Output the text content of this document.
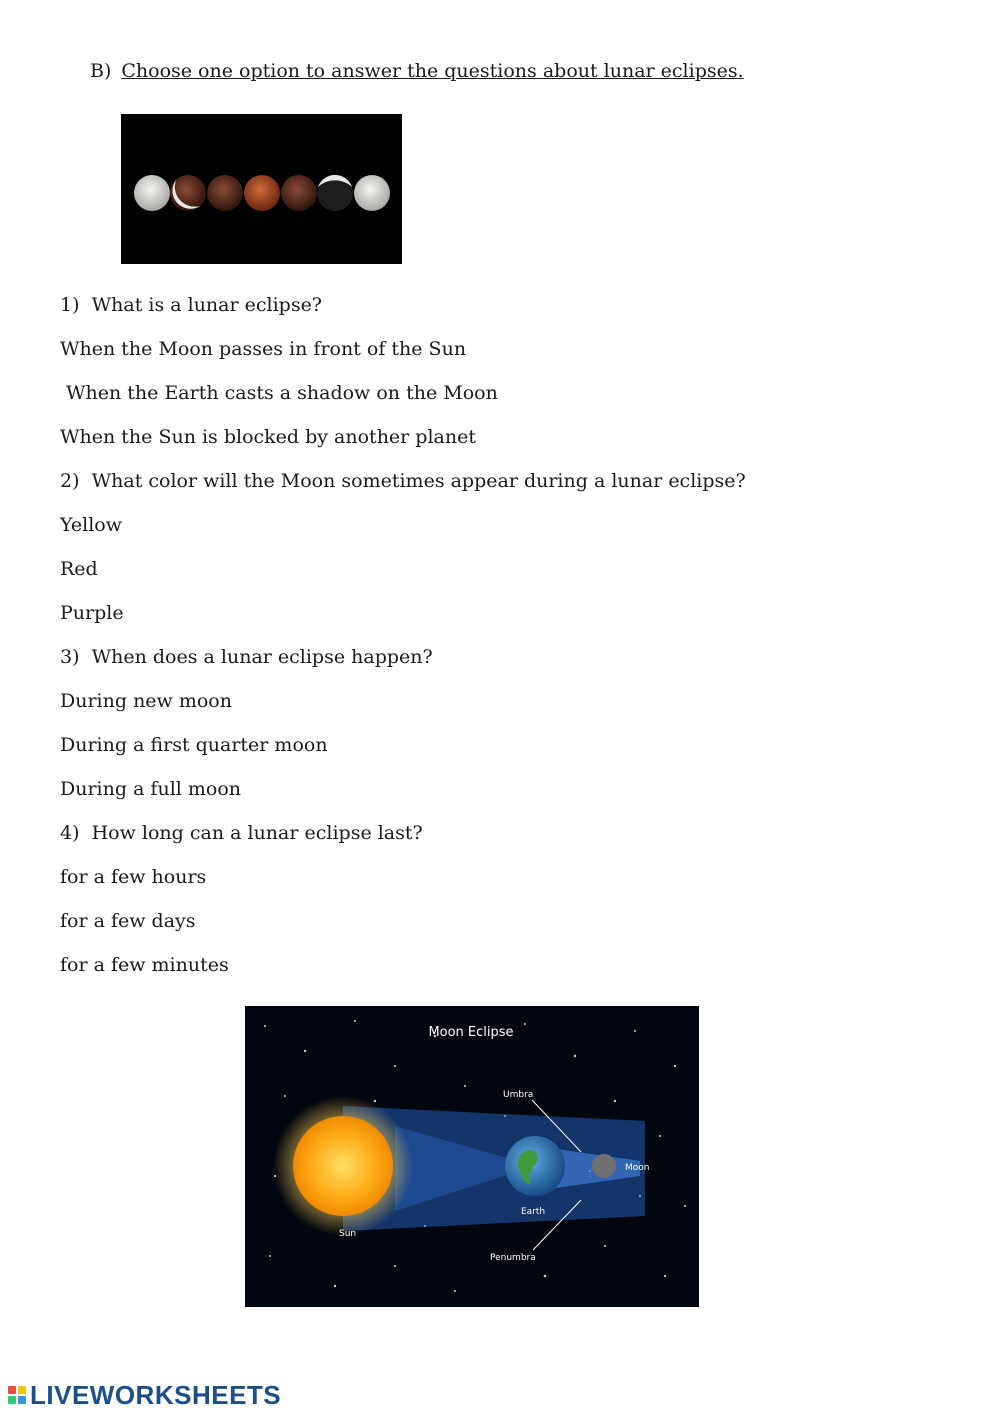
B) Choose one option to answer the questions about lunar eclipses.
1) What is a lunar eclipse?
When the Moon passes in front of the Sun
When the Earth casts a shadow on the Moon
When the Sun is blocked by another planet
2) What color will the Moon sometimes appear during a lunar eclipse?
Yellow
Red
Purple
3) When does a lunar eclipse happen?
During new moon
During a first quarter moon
During a full moon
4) How long can a lunar eclipse last?
for a few hours
for a few days
for a few minutes
Moon Eclipse
Umbra
Moon
Earth
Sun
Penumbra
LIVEWORKSHEETS
